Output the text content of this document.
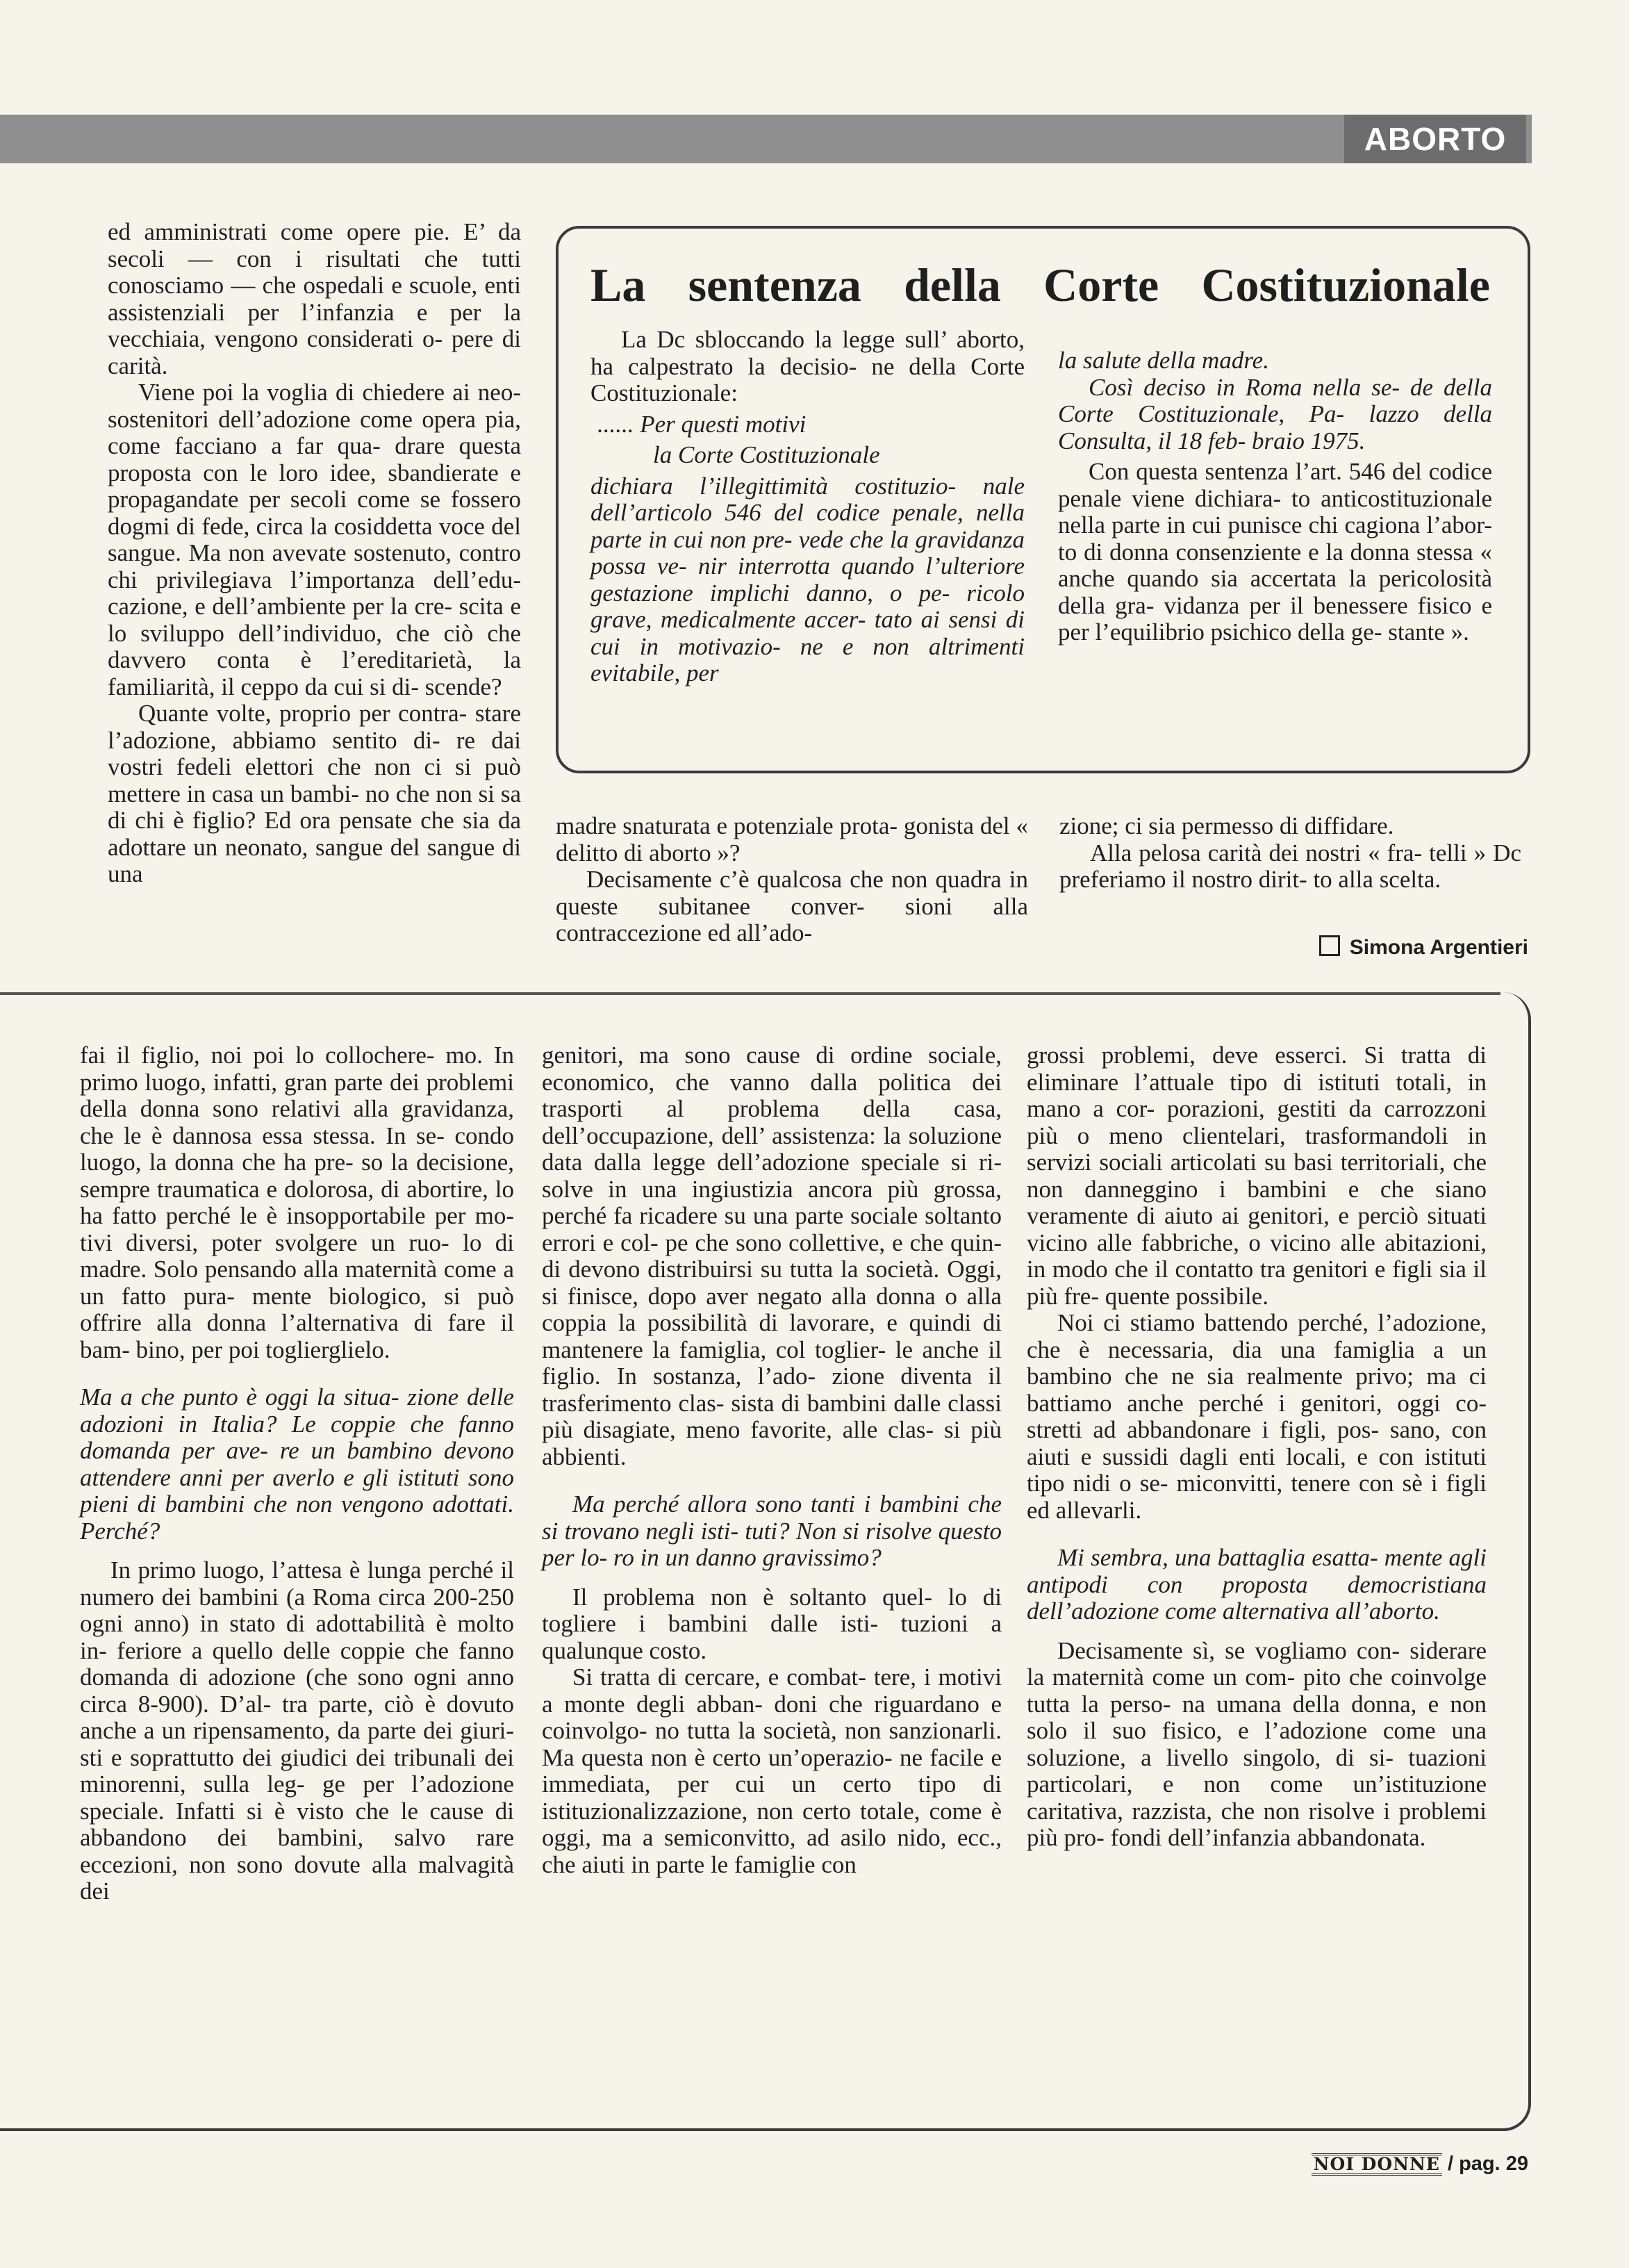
ABORTO

ed amministrati come opere pie. E’ da secoli — con i risultati che tutti conosciamo — che ospedali e scuole, enti assistenziali per l’infanzia e per la vecchiaia, vengono considerati o- pere di carità.

Viene poi la voglia di chiedere ai neo-sostenitori dell’adozione come opera pia, come facciano a far qua- drare questa proposta con le loro idee, sbandierate e propagandate per secoli come se fossero dogmi di fede, circa la cosiddetta voce del sangue. Ma non avevate sostenuto, contro chi privilegiava l’importanza dell’edu- cazione, e dell’ambiente per la cre- scita e lo sviluppo dell’individuo, che ciò che davvero conta è l’ereditarietà, la familiarità, il ceppo da cui si di- scende?

Quante volte, proprio per contra- stare l’adozione, abbiamo sentito di- re dai vostri fedeli elettori che non ci si può mettere in casa un bambi- no che non si sa di chi è figlio? Ed ora pensate che sia da adottare un neonato, sangue del sangue di una

La sentenza della Corte Costituzionale

La Dc sbloccando la legge sull’ aborto, ha calpestrato la decisio- ne della Corte Costituzionale:

...... Per questi motivi

la Corte Costituzionale

dichiara l’illegittimità costituzio- nale dell’articolo 546 del codice penale, nella parte in cui non pre- vede che la gravidanza possa ve- nir interrotta quando l’ulteriore gestazione implichi danno, o pe- ricolo grave, medicalmente accer- tato ai sensi di cui in motivazio- ne e non altrimenti evitabile, per

la salute della madre.

Così deciso in Roma nella se- de della Corte Costituzionale, Pa- lazzo della Consulta, il 18 feb- braio 1975.

Con questa sentenza l’art. 546 del codice penale viene dichiara- to anticostituzionale nella parte in cui punisce chi cagiona l’abor- to di donna consenziente e la donna stessa « anche quando sia accertata la pericolosità della gra- vidanza per il benessere fisico e per l’equilibrio psichico della ge- stante ».

madre snaturata e potenziale prota- gonista del « delitto di aborto »?

Decisamente c’è qualcosa che non quadra in queste subitanee conver- sioni alla contraccezione ed all’ado-

zione; ci sia permesso di diffidare.

Alla pelosa carità dei nostri « fra- telli » Dc preferiamo il nostro dirit- to alla scelta.

Simona Argentieri

fai il figlio, noi poi lo collochere- mo. In primo luogo, infatti, gran parte dei problemi della donna sono relativi alla gravidanza, che le è dannosa essa stessa. In se- condo luogo, la donna che ha pre- so la decisione, sempre traumatica e dolorosa, di abortire, lo ha fatto perché le è insopportabile per mo- tivi diversi, poter svolgere un ruo- lo di madre. Solo pensando alla maternità come a un fatto pura- mente biologico, si può offrire alla donna l’alternativa di fare il bam- bino, per poi toglierglielo.

Ma a che punto è oggi la situa- zione delle adozioni in Italia? Le coppie che fanno domanda per ave- re un bambino devono attendere anni per averlo e gli istituti sono pieni di bambini che non vengono adottati. Perché?

In primo luogo, l’attesa è lunga perché il numero dei bambini (a Roma circa 200-250 ogni anno) in stato di adottabilità è molto in- feriore a quello delle coppie che fanno domanda di adozione (che sono ogni anno circa 8-900). D’al- tra parte, ciò è dovuto anche a un ripensamento, da parte dei giuri- sti e soprattutto dei giudici dei tribunali dei minorenni, sulla leg- ge per l’adozione speciale. Infatti si è visto che le cause di abbandono dei bambini, salvo rare eccezioni, non sono dovute alla malvagità dei

genitori, ma sono cause di ordine sociale, economico, che vanno dalla politica dei trasporti al problema della casa, dell’occupazione, dell’ assistenza: la soluzione data dalla legge dell’adozione speciale si ri- solve in una ingiustizia ancora più grossa, perché fa ricadere su una parte sociale soltanto errori e col- pe che sono collettive, e che quin- di devono distribuirsi su tutta la società. Oggi, si finisce, dopo aver negato alla donna o alla coppia la possibilità di lavorare, e quindi di mantenere la famiglia, col toglier- le anche il figlio. In sostanza, l’ado- zione diventa il trasferimento clas- sista di bambini dalle classi più disagiate, meno favorite, alle clas- si più abbienti.

Ma perché allora sono tanti i bambini che si trovano negli isti- tuti? Non si risolve questo per lo- ro in un danno gravissimo?

Il problema non è soltanto quel- lo di togliere i bambini dalle isti- tuzioni a qualunque costo.

Si tratta di cercare, e combat- tere, i motivi a monte degli abban- doni che riguardano e coinvolgo- no tutta la società, non sanzionarli. Ma questa non è certo un’operazio- ne facile e immediata, per cui un certo tipo di istituzionalizzazione, non certo totale, come è oggi, ma a semiconvitto, ad asilo nido, ecc., che aiuti in parte le famiglie con

grossi problemi, deve esserci. Si tratta di eliminare l’attuale tipo di istituti totali, in mano a cor- porazioni, gestiti da carrozzoni più o meno clientelari, trasformandoli in servizi sociali articolati su basi territoriali, che non danneggino i bambini e che siano veramente di aiuto ai genitori, e perciò situati vicino alle fabbriche, o vicino alle abitazioni, in modo che il contatto tra genitori e figli sia il più fre- quente possibile.

Noi ci stiamo battendo perché, l’adozione, che è necessaria, dia una famiglia a un bambino che ne sia realmente privo; ma ci battiamo anche perché i genitori, oggi co- stretti ad abbandonare i figli, pos- sano, con aiuti e sussidi dagli enti locali, e con istituti tipo nidi o se- miconvitti, tenere con sè i figli ed allevarli.

Mi sembra, una battaglia esatta- mente agli antipodi con proposta democristiana dell’adozione come alternativa all’aborto.

Decisamente sì, se vogliamo con- siderare la maternità come un com- pito che coinvolge tutta la perso- na umana della donna, e non solo il suo fisico, e l’adozione come una soluzione, a livello singolo, di si- tuazioni particolari, e non come un’istituzione caritativa, razzista, che non risolve i problemi più pro- fondi dell’infanzia abbandonata.

NOI DONNE / pag. 29
